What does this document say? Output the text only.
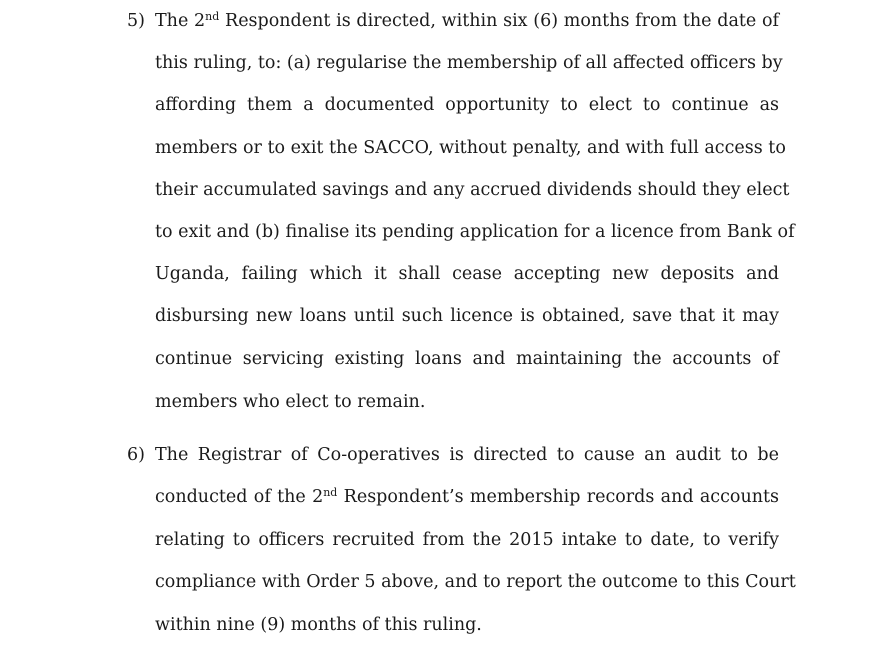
5) The 2nd Respondent is directed, within six (6) months from the date of
this ruling, to: (a) regularise the membership of all affected officers by
affording them a documented opportunity to elect to continue as
members or to exit the SACCO, without penalty, and with full access to
their accumulated savings and any accrued dividends should they elect
to exit and (b) finalise its pending application for a licence from Bank of
Uganda, failing which it shall cease accepting new deposits and
disbursing new loans until such licence is obtained, save that it may
continue servicing existing loans and maintaining the accounts of
members who elect to remain.
6) The Registrar of Co-operatives is directed to cause an audit to be
conducted of the 2nd Respondent’s membership records and accounts
relating to officers recruited from the 2015 intake to date, to verify
compliance with Order 5 above, and to report the outcome to this Court
within nine (9) months of this ruling.
